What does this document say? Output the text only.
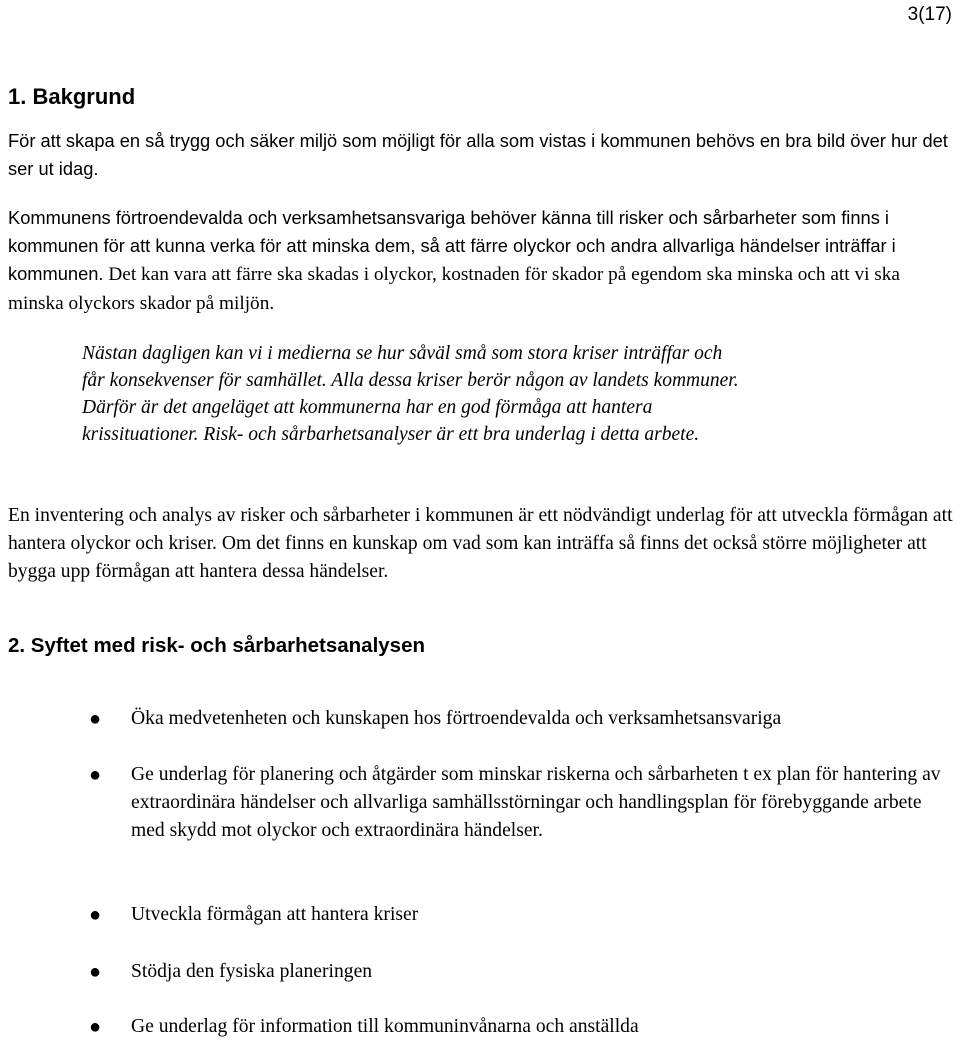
3(17)
1. Bakgrund

För att skapa en så trygg och säker miljö som möjligt för alla som vistas i kommunen behövs en bra bild över hur det ser ut idag.

Kommunens förtroendevalda och verksamhetsansvariga behöver känna till risker och sårbarheter som finns i kommunen för att kunna verka för att minska dem, så att färre olyckor och andra allvarliga händelser inträffar i kommunen. Det kan vara att färre ska skadas i olyckor, kostnaden för skador på egendom ska minska och att vi ska minska olyckors skador på miljön.

Nästan dagligen kan vi i medierna se hur såväl små som stora kriser inträffar och får konsekvenser för samhället. Alla dessa kriser berör någon av landets kommuner. Därför är det angeläget att kommunerna har en god förmåga att hantera krissituationer. Risk- och sårbarhetsanalyser är ett bra underlag i detta arbete.

En inventering och analys av risker och sårbarheter i kommunen är ett nödvändigt underlag för att utveckla förmågan att hantera olyckor och kriser. Om det finns en kunskap om vad som kan inträffa så finns det också större möjligheter att bygga upp förmågan att hantera dessa händelser.

2. Syftet med risk- och sårbarhetsanalysen
● Öka medvetenheten och kunskapen hos förtroendevalda och verksamhetsansvariga
● Ge underlag för planering och åtgärder som minskar riskerna och sårbarheten t ex plan för hantering av extraordinära händelser och allvarliga samhällsstörningar och handlingsplan för förebyggande arbete med skydd mot olyckor och extraordinära händelser.
● Utveckla förmågan att hantera kriser
● Stödja den fysiska planeringen
● Ge underlag för information till kommuninvånarna och anställda
